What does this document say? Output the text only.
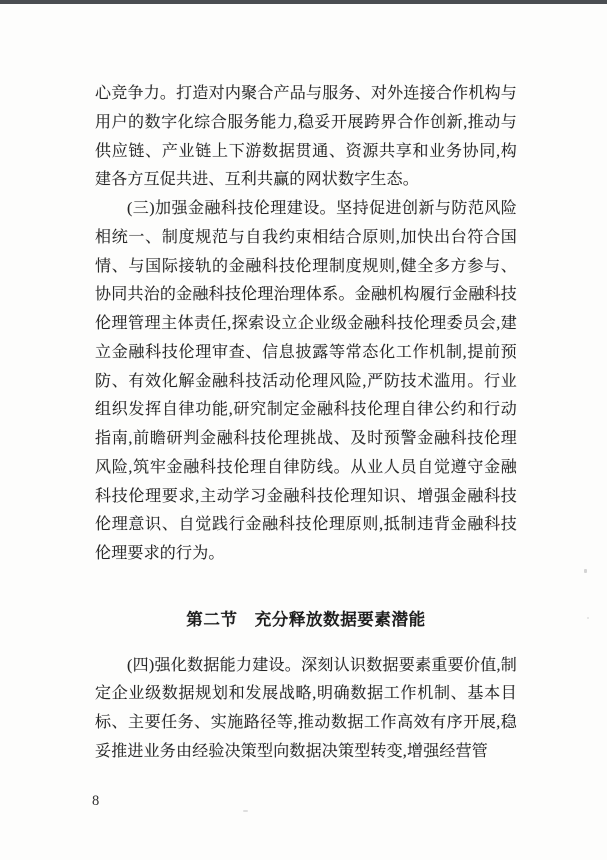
心竞争力。打造对内聚合产品与服务、对外连接合作机构与用户的数字化综合服务能力,稳妥开展跨界合作创新,推动与供应链、产业链上下游数据贯通、资源共享和业务协同,构建各方互促共进、互利共赢的网状数字生态。

(三)加强金融科技伦理建设。坚持促进创新与防范风险相统一、制度规范与自我约束相结合原则,加快出台符合国情、与国际接轨的金融科技伦理制度规则,健全多方参与、协同共治的金融科技伦理治理体系。金融机构履行金融科技伦理管理主体责任,探索设立企业级金融科技伦理委员会,建立金融科技伦理审查、信息披露等常态化工作机制,提前预防、有效化解金融科技活动伦理风险,严防技术滥用。行业组织发挥自律功能,研究制定金融科技伦理自律公约和行动指南,前瞻研判金融科技伦理挑战、及时预警金融科技伦理风险,筑牢金融科技伦理自律防线。从业人员自觉遵守金融科技伦理要求,主动学习金融科技伦理知识、增强金融科技伦理意识、自觉践行金融科技伦理原则,抵制违背金融科技伦理要求的行为。

第二节　充分释放数据要素潜能

(四)强化数据能力建设。深刻认识数据要素重要价值,制定企业级数据规划和发展战略,明确数据工作机制、基本目标、主要任务、实施路径等,推动数据工作高效有序开展,稳妥推进业务由经验决策型向数据决策型转变,增强经营管

8
